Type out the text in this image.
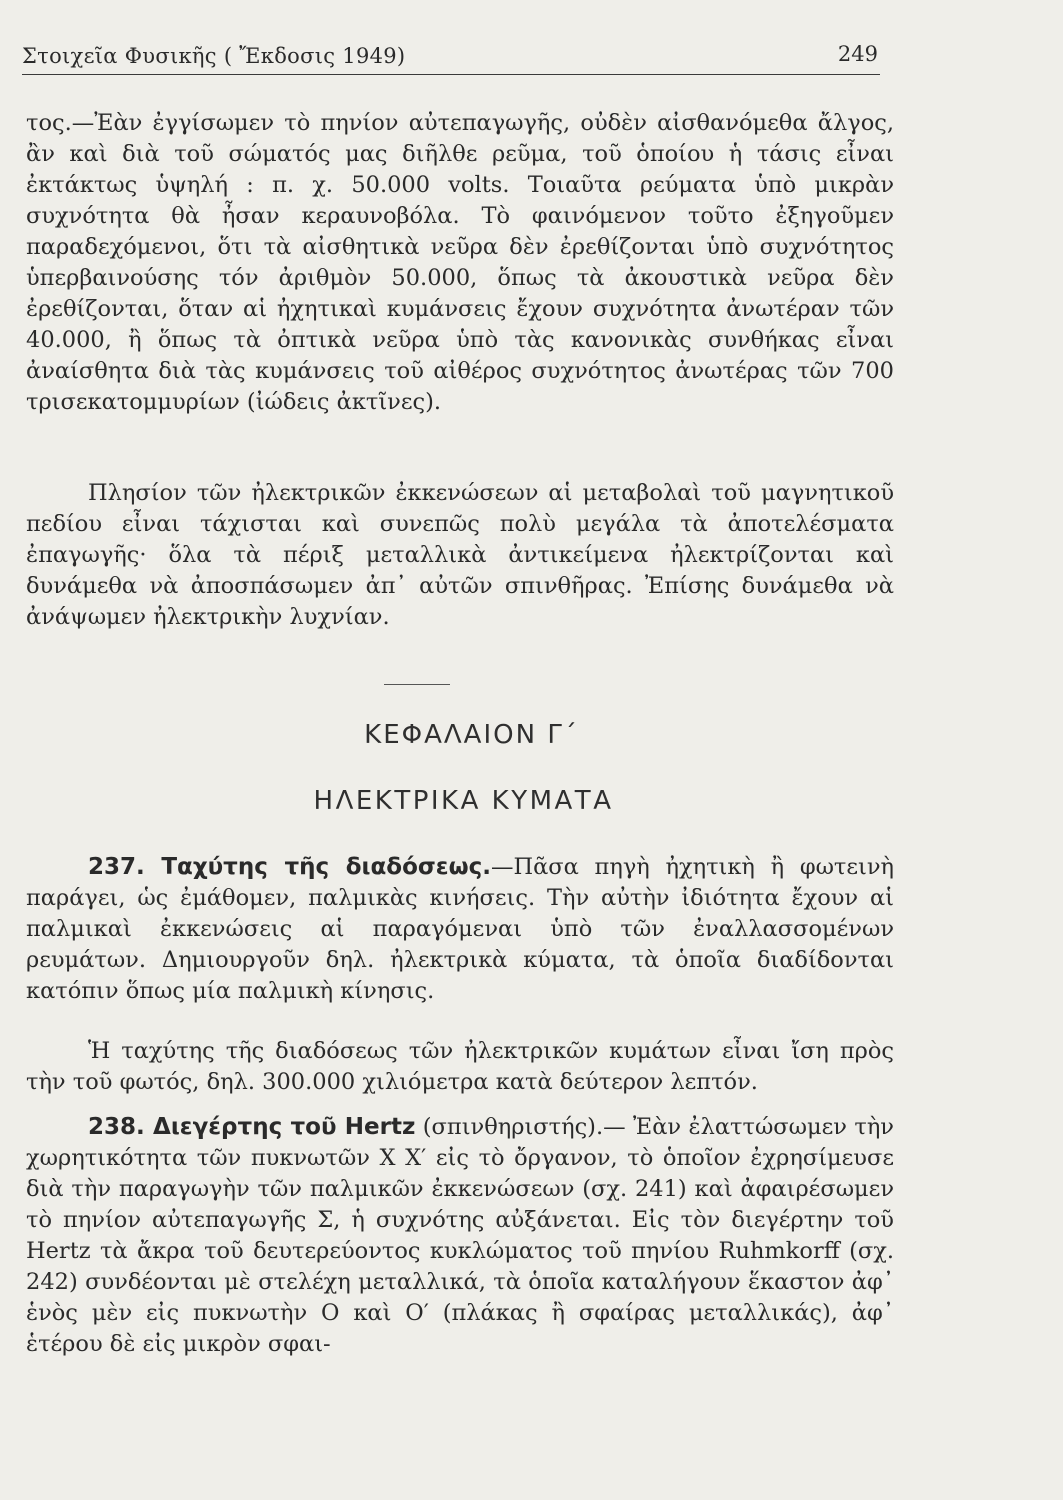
Στοιχεῖα Φυσικῆς ( Ἔκδοσις 1949)	249

τος.—Ἐὰν ἐγγίσωμεν τὸ πηνίον αὐτεπαγωγῆς, οὐδὲν αἰσθανόμεθα ἄλγος, ἂν καὶ διὰ τοῦ σώματός μας διῆλθε ρεῦμα, τοῦ ὁποίου ἡ τάσις εἶναι ἐκτάκτως ὑψηλή : π. χ. 50.000 volts. Τοιαῦτα ρεύματα ὑπὸ μικρὰν συχνότητα θὰ ἦσαν κεραυνοβόλα. Τὸ φαινόμενον τοῦτο ἐξηγοῦμεν παραδεχόμενοι, ὅτι τὰ αἰσθητικὰ νεῦρα δὲν ἐρεθίζονται ὑπὸ συχνότητος ὑπερβαινούσης τόν ἀριθμὸν 50.000, ὅπως τὰ ἀκουστικὰ νεῦρα δὲν ἐρεθίζονται, ὅταν αἱ ἠχητικαὶ κυμάνσεις ἔχουν συχνότητα ἀνωτέραν τῶν 40.000, ἢ ὅπως τὰ ὀπτικὰ νεῦρα ὑπὸ τὰς κανονικὰς συνθήκας εἶναι ἀναίσθητα διὰ τὰς κυμάνσεις τοῦ αἰθέρος συχνότητος ἀνωτέρας τῶν 700 τρισεκατομμυρίων (ἰώδεις ἀκτῖνες).

Πλησίον τῶν ἠλεκτρικῶν ἐκκενώσεων αἱ μεταβολαὶ τοῦ μαγνητικοῦ πεδίου εἶναι τάχισται καὶ συνεπῶς πολὺ μεγάλα τὰ ἀποτελέσματα ἐπαγωγῆς· ὅλα τὰ πέριξ μεταλλικὰ ἀντικείμενα ἠλεκτρίζονται καὶ δυνάμεθα νὰ ἀποσπάσωμεν ἀπ᾽ αὐτῶν σπινθῆρας. Ἐπίσης δυνάμεθα νὰ ἀνάψωμεν ἠλεκτρικὴν λυχνίαν.

ΚΕΦΑΛΑΙΟΝ Γ΄
ΗΛΕΚΤΡΙΚΑ ΚΥΜΑΤΑ

237. Ταχύτης τῆς διαδόσεως.—Πᾶσα πηγὴ ἠχητικὴ ἢ φωτεινὴ παράγει, ὡς ἐμάθομεν, παλμικὰς κινήσεις. Τὴν αὐτὴν ἰδιότητα ἔχουν αἱ παλμικαὶ ἐκκενώσεις αἱ παραγόμεναι ὑπὸ τῶν ἐναλλασσομένων ρευμάτων. Δημιουργοῦν δηλ. ἠλεκτρικὰ κύματα, τὰ ὁποῖα διαδίδονται κατόπιν ὅπως μία παλμικὴ κίνησις.

Ἡ ταχύτης τῆς διαδόσεως τῶν ἠλεκτρικῶν κυμάτων εἶναι ἴση πρὸς τὴν τοῦ φωτός, δηλ. 300.000 χιλιόμετρα κατὰ δεύτερον λεπτόν.

238. Διεγέρτης τοῦ Hertz (σπινθηριστής).— Ἐὰν ἐλαττώσωμεν τὴν χωρητικότητα τῶν πυκνωτῶν Χ Χ′ εἰς τὸ ὄργανον, τὸ ὁποῖον ἐχρησίμευσε διὰ τὴν παραγωγὴν τῶν παλμικῶν ἐκκενώσεων (σχ. 241) καὶ ἀφαιρέσωμεν τὸ πηνίον αὐτεπαγωγῆς Σ, ἡ συχνότης αὐξάνεται. Εἰς τὸν διεγέρτην τοῦ Hertz τὰ ἄκρα τοῦ δευτερεύοντος κυκλώματος τοῦ πηνίου Ruhmkorff (σχ. 242) συνδέονται μὲ στελέχη μεταλλικά, τὰ ὁποῖα καταλήγουν ἕκαστον ἀφ᾽ ἑνὸς μὲν εἰς πυκνωτὴν Ο καὶ Ο′ (πλάκας ἢ σφαίρας μεταλλικάς), ἀφ᾽ ἑτέρου δὲ εἰς μικρὸν σφαι-
